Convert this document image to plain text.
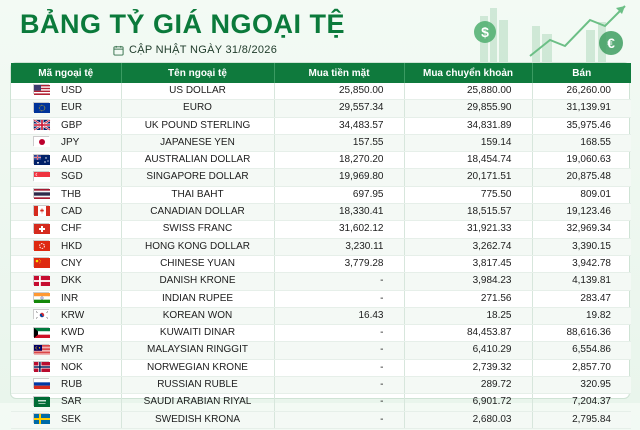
BẢNG TỶ GIÁ NGOẠI TỆ
CẬP NHẬT NGÀY 31/8/2026
$
€
Mã ngoại tệ	Tên ngoại tệ	Mua tiền mặt	Mua chuyển khoản	Bán
USD	US DOLLAR	25,850.00	25,880.00	26,260.00
EUR	EURO	29,557.34	29,855.90	31,139.91
GBP	UK POUND STERLING	34,483.57	34,831.89	35,975.46
JPY	JAPANESE YEN	157.55	159.14	168.55
AUD	AUSTRALIAN DOLLAR	18,270.20	18,454.74	19,060.63
SGD	SINGAPORE DOLLAR	19,969.80	20,171.51	20,875.48
THB	THAI BAHT	697.95	775.50	809.01
CAD	CANADIAN DOLLAR	18,330.41	18,515.57	19,123.46
CHF	SWISS FRANC	31,602.12	31,921.33	32,969.34
HKD	HONG KONG DOLLAR	3,230.11	3,262.74	3,390.15
CNY	CHINESE YUAN	3,779.28	3,817.45	3,942.78
DKK	DANISH KRONE	-	3,984.23	4,139.81
INR	INDIAN RUPEE	-	271.56	283.47
KRW	KOREAN WON	16.43	18.25	19.82
KWD	KUWAITI DINAR	-	84,453.87	88,616.36
MYR	MALAYSIAN RINGGIT	-	6,410.29	6,554.86
NOK	NORWEGIAN KRONE	-	2,739.32	2,857.70
RUB	RUSSIAN RUBLE	-	289.72	320.95
SAR	SAUDI ARABIAN RIYAL	-	6,901.72	7,204.37
SEK	SWEDISH KRONA	-	2,680.03	2,795.84
